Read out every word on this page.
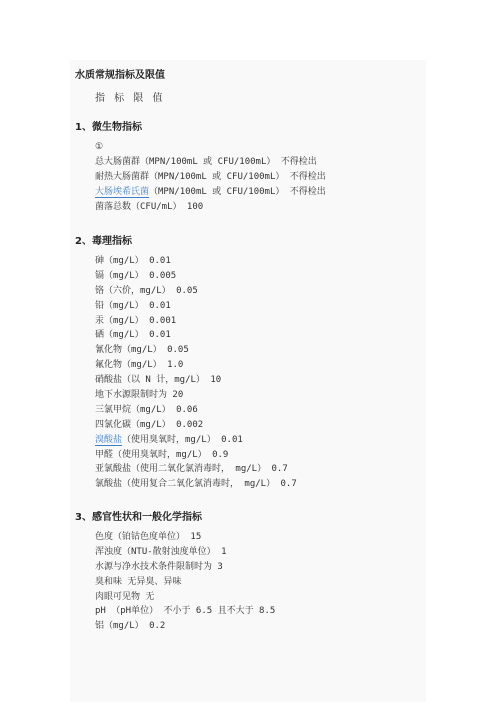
水质常规指标及限值
指 标 限 值
1、微生物指标
①
总大肠菌群（MPN/100mL 或 CFU/100mL） 不得检出
耐热大肠菌群（MPN/100mL 或 CFU/100mL） 不得检出
大肠埃希氏菌（MPN/100mL 或 CFU/100mL） 不得检出
菌落总数（CFU/mL） 100
2、毒理指标
砷（mg/L） 0.01
镉（mg/L） 0.005
铬（六价，mg/L） 0.05
铅（mg/L） 0.01
汞（mg/L） 0.001
硒（mg/L） 0.01
氰化物（mg/L） 0.05
氟化物（mg/L） 1.0
硝酸盐（以 N 计，mg/L） 10
地下水源限制时为 20
三氯甲烷（mg/L） 0.06
四氯化碳（mg/L） 0.002
溴酸盐（使用臭氧时，mg/L） 0.01
甲醛（使用臭氧时，mg/L） 0.9
亚氯酸盐（使用二氧化氯消毒时， mg/L） 0.7
氯酸盐（使用复合二氧化氯消毒时， mg/L） 0.7
3、感官性状和一般化学指标
色度（铂钴色度单位） 15
浑浊度（NTU-散射浊度单位） 1
水源与净水技术条件限制时为 3
臭和味 无异臭、异味
肉眼可见物 无
pH （pH单位） 不小于 6.5 且不大于 8.5
铝（mg/L） 0.2
